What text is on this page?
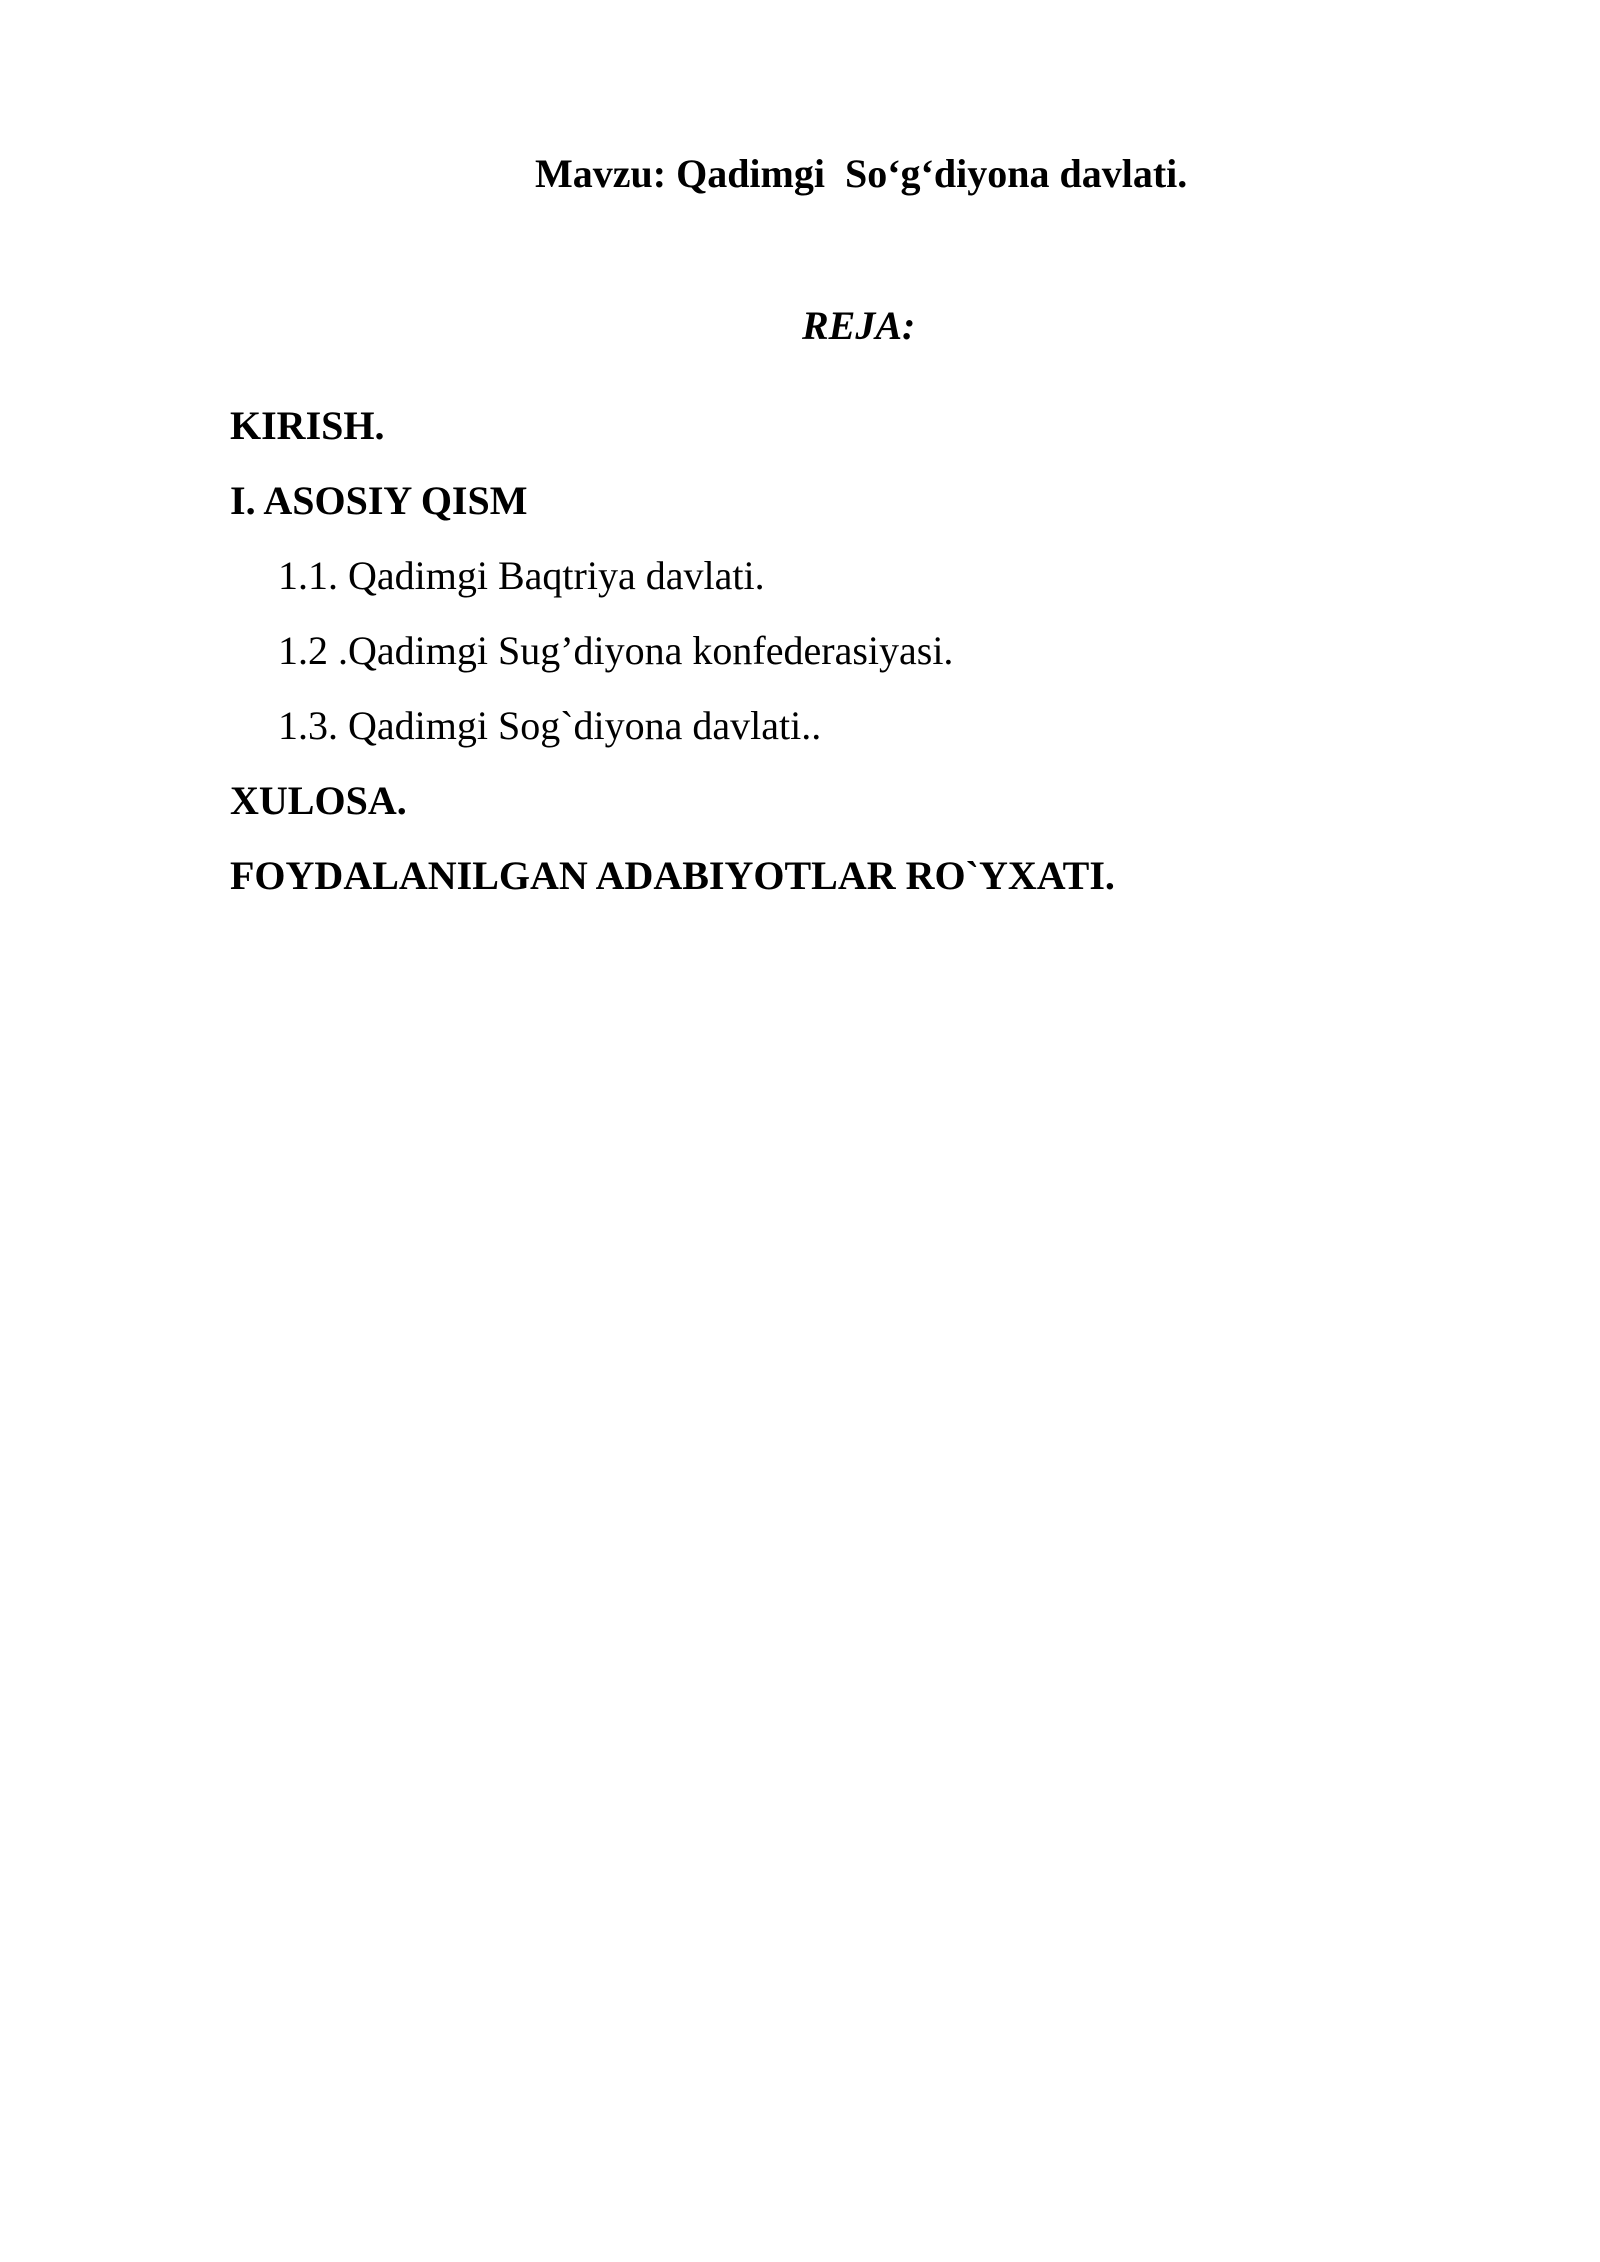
Mavzu: Qadimgi  So‘g‘diyona davlati.
REJA:
KIRISH.
I. ASOSIY QISM
1.1. Qadimgi Baqtriya davlati.
1.2 .Qadimgi Sug’diyona konfederasiyasi.
1.3. Qadimgi Sog`diyona davlati..
XULOSA.
FOYDALANILGAN ADABIYOTLAR RO`YXATI.
